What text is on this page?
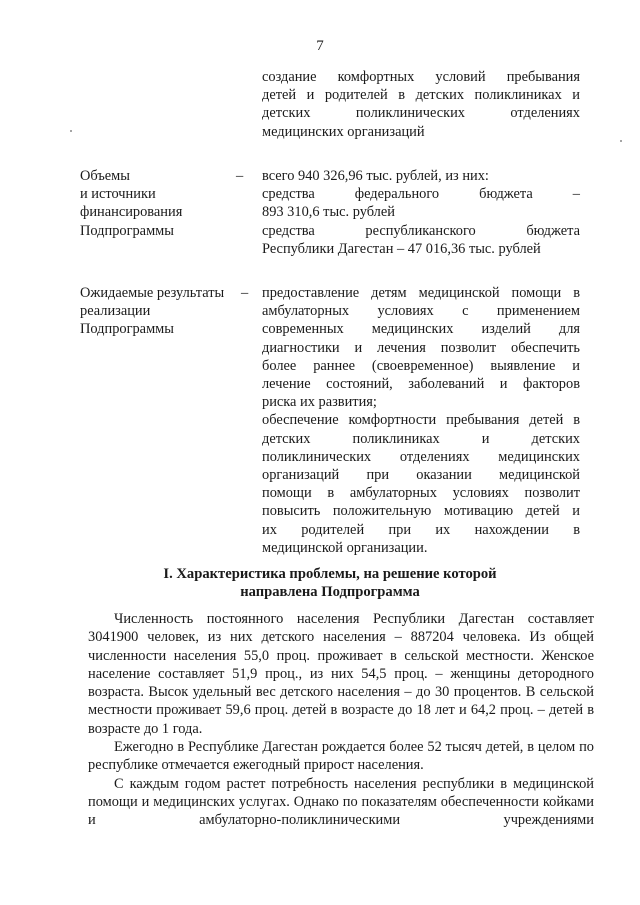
7
создание комфортных условий пребывания
детей и родителей в детских поликлиниках и
детских поликлинических отделениях
медицинских организаций
Объемы
и источники
финансирования
Подпрограммы
– всего 940 326,96 тыс. рублей, из них:
средства федерального бюджета –
893 310,6 тыс. рублей
средства республиканского бюджета
Республики Дагестан – 47 016,36 тыс. рублей
Ожидаемые результаты
реализации
Подпрограммы
– предоставление детям медицинской помощи в
амбулаторных условиях с применением
современных медицинских изделий для
диагностики и лечения позволит обеспечить
более раннее (своевременное) выявление и
лечение состояний, заболеваний и факторов
риска их развития;
обеспечение комфортности пребывания детей в
детских поликлиниках и детских
поликлинических отделениях медицинских
организаций при оказании медицинской
помощи в амбулаторных условиях позволит
повысить положительную мотивацию детей и
их родителей при их нахождении в
медицинской организации.
I. Характеристика проблемы, на решение которой
направлена Подпрограмма

Численность постоянного населения Республики Дагестан составляет 3041900 человек, из них детского населения – 887204 человека. Из общей численности населения 55,0 проц. проживает в сельской местности. Женское население составляет 51,9 проц., из них 54,5 проц. – женщины детородного возраста. Высок удельный вес детского населения – до 30 процентов. В сельской местности проживает 59,6 проц. детей в возрасте до 18 лет и 64,2 проц. – детей в возрасте до 1 года.

Ежегодно в Республике Дагестан рождается более 52 тысяч детей, в целом по республике отмечается ежегодный прирост населения.

С каждым годом растет потребность населения республики в медицинской помощи и медицинских услугах. Однако по показателям обеспеченности койками и амбулаторно-поликлиническими учреждениями
